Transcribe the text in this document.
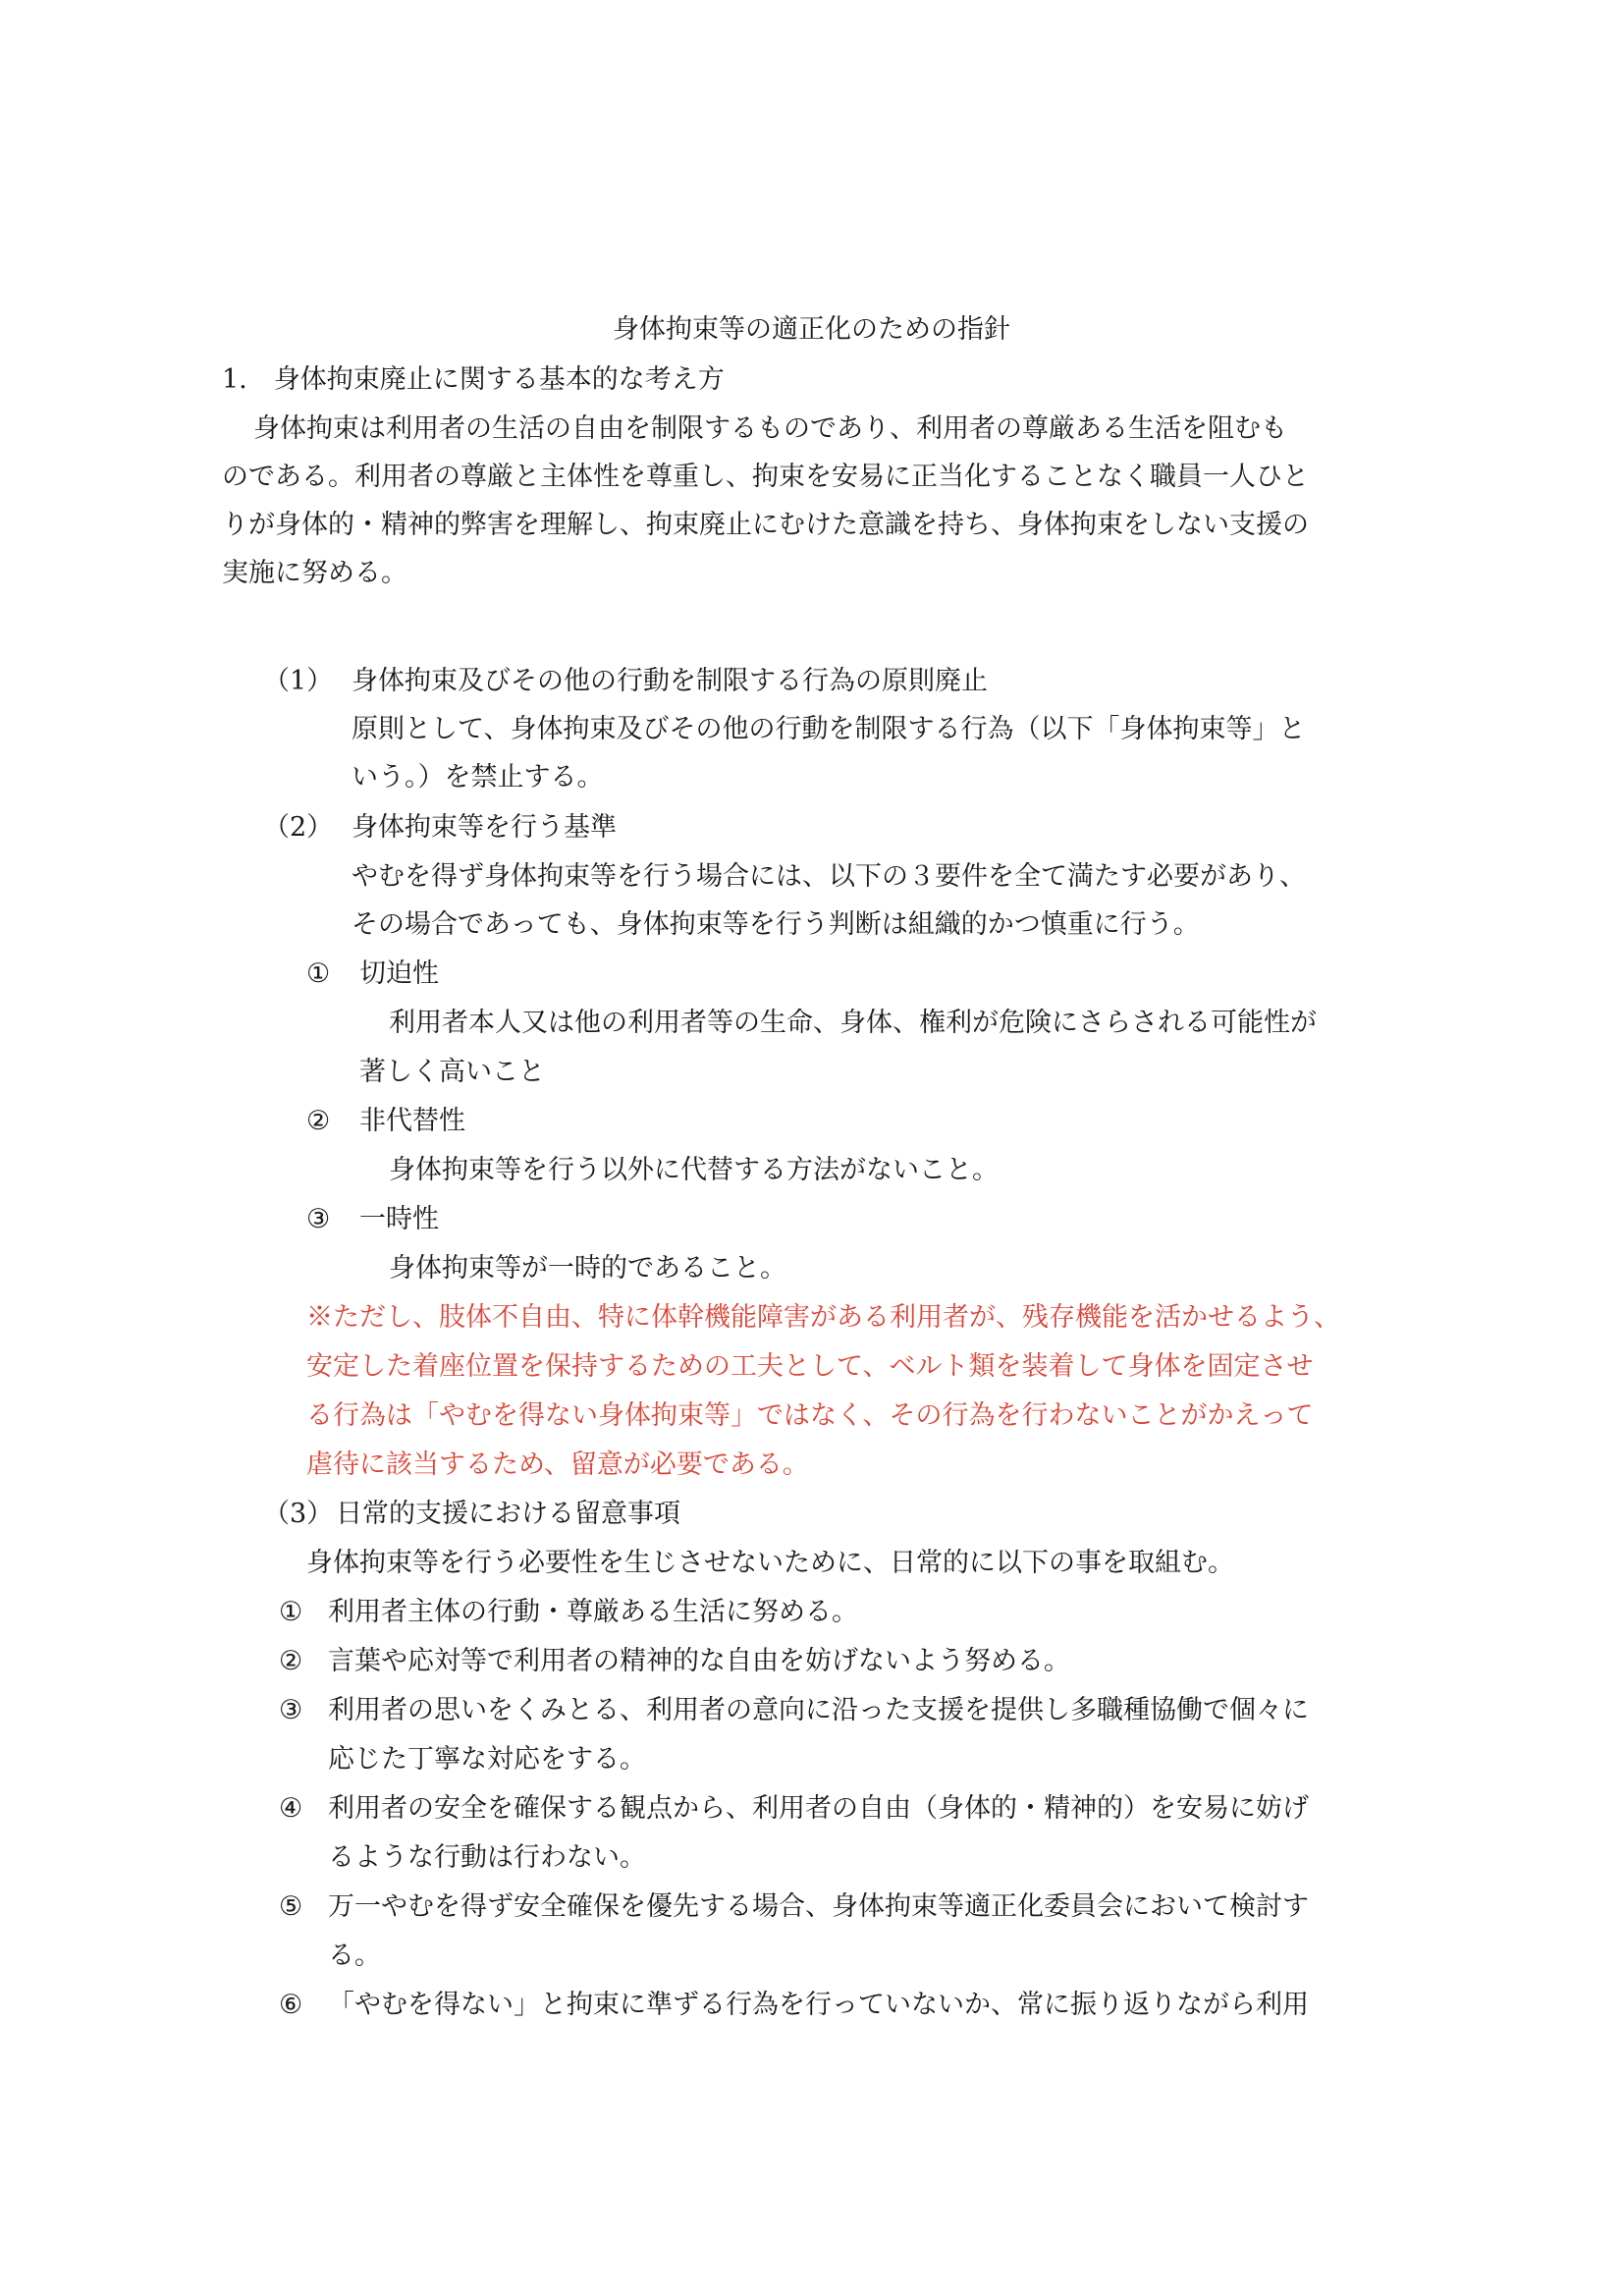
身体拘束等の適正化のための指針
1.　身体拘束廃止に関する基本的な考え方
身体拘束は利用者の生活の自由を制限するものであり、利用者の尊厳ある生活を阻むも
のである。利用者の尊厳と主体性を尊重し、拘束を安易に正当化することなく職員一人ひと
りが身体的・精神的弊害を理解し、拘束廃止にむけた意識を持ち、身体拘束をしない支援の
実施に努める。
（1） 身体拘束及びその他の行動を制限する行為の原則廃止
原則として、身体拘束及びその他の行動を制限する行為（以下「身体拘束等」と
いう。）を禁止する。
（2） 身体拘束等を行う基準
やむを得ず身体拘束等を行う場合には、以下の３要件を全て満たす必要があり、
その場合であっても、身体拘束等を行う判断は組織的かつ慎重に行う。
① 切迫性
利用者本人又は他の利用者等の生命、身体、権利が危険にさらされる可能性が
著しく高いこと
② 非代替性
身体拘束等を行う以外に代替する方法がないこと。
③ 一時性
身体拘束等が一時的であること。
※ただし、肢体不自由、特に体幹機能障害がある利用者が、残存機能を活かせるよう、
安定した着座位置を保持するための工夫として、ベルト類を装着して身体を固定させ
る行為は「やむを得ない身体拘束等」ではなく、その行為を行わないことがかえって
虐待に該当するため、留意が必要である。
（3） 日常的支援における留意事項
身体拘束等を行う必要性を生じさせないために、日常的に以下の事を取組む。
① 利用者主体の行動・尊厳ある生活に努める。
② 言葉や応対等で利用者の精神的な自由を妨げないよう努める。
③ 利用者の思いをくみとる、利用者の意向に沿った支援を提供し多職種協働で個々に
応じた丁寧な対応をする。
④ 利用者の安全を確保する観点から、利用者の自由（身体的・精神的）を安易に妨げ
るような行動は行わない。
⑤ 万一やむを得ず安全確保を優先する場合、身体拘束等適正化委員会において検討す
る。
⑥ 「やむを得ない」と拘束に準ずる行為を行っていないか、常に振り返りながら利用
